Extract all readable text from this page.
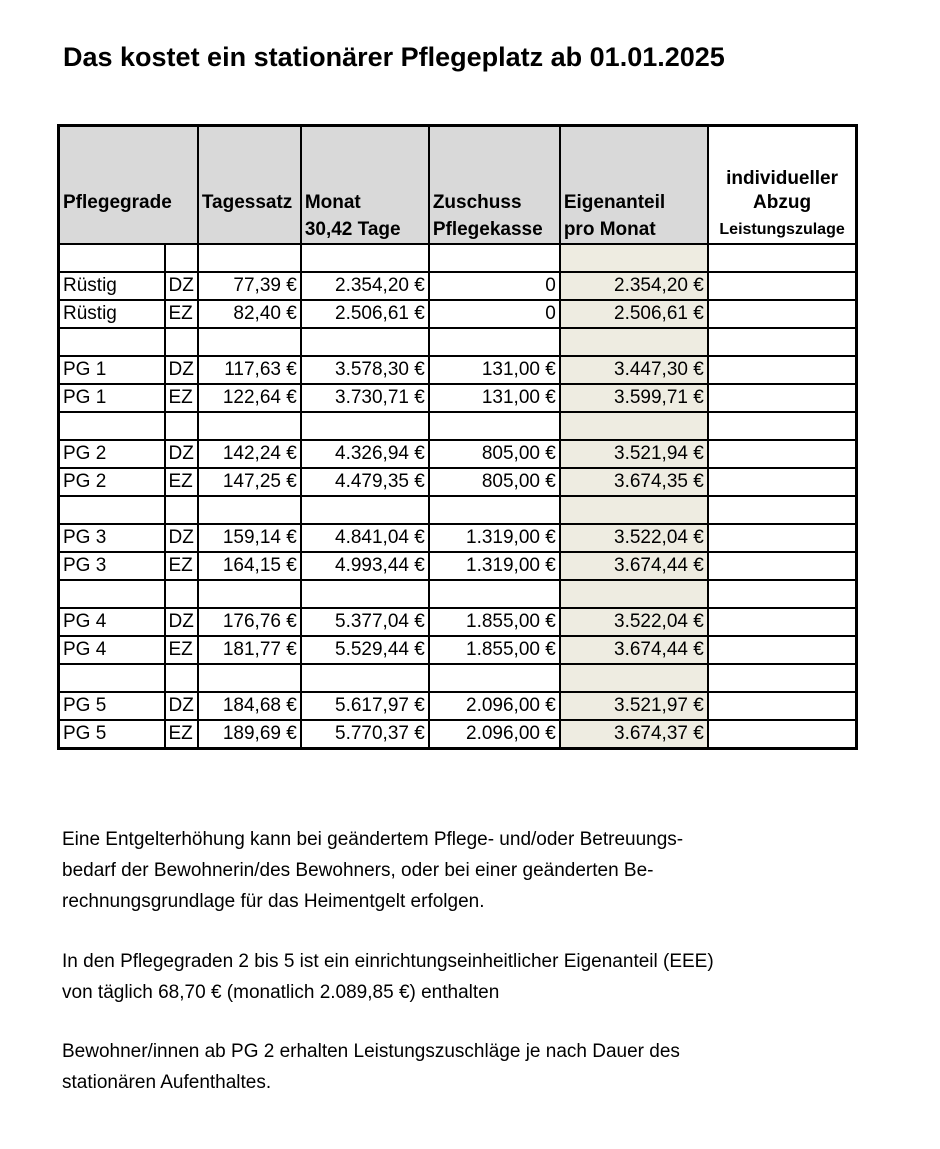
Das kostet ein stationärer Pflegeplatz ab 01.01.2025
Pflegegrade		Tagessatz	Monat	Zuschuss	Eigenanteil	individueller
Abzug
			30,42 Tage	Pflegekasse	pro Monat	Leistungszulage

Rüstig	DZ	77,39 €	2.354,20 €	0	2.354,20 €	
Rüstig	EZ	82,40 €	2.506,61 €	0	2.506,61 €	

PG 1	DZ	117,63 €	3.578,30 €	131,00 €	3.447,30 €	
PG 1	EZ	122,64 €	3.730,71 €	131,00 €	3.599,71 €	

PG 2	DZ	142,24 €	4.326,94 €	805,00 €	3.521,94 €	
PG 2	EZ	147,25 €	4.479,35 €	805,00 €	3.674,35 €	

PG 3	DZ	159,14 €	4.841,04 €	1.319,00 €	3.522,04 €	
PG 3	EZ	164,15 €	4.993,44 €	1.319,00 €	3.674,44 €	

PG 4	DZ	176,76 €	5.377,04 €	1.855,00 €	3.522,04 €	
PG 4	EZ	181,77 €	5.529,44 €	1.855,00 €	3.674,44 €	

PG 5	DZ	184,68 €	5.617,97 €	2.096,00 €	3.521,97 €	
PG 5	EZ	189,69 €	5.770,37 €	2.096,00 €	3.674,37 €	
Eine Entgelterhöhung kann bei geändertem Pflege- und/oder Betreuungs-
bedarf der Bewohnerin/des Bewohners, oder bei einer geänderten Be-
rechnungsgrundlage für das Heimentgelt erfolgen.
In den Pflegegraden 2 bis 5 ist ein einrichtungseinheitlicher Eigenanteil (EEE)
von täglich 68,70 € (monatlich 2.089,85 €) enthalten
Bewohner/innen ab PG 2 erhalten Leistungszuschläge je nach Dauer des
stationären Aufenthaltes.
